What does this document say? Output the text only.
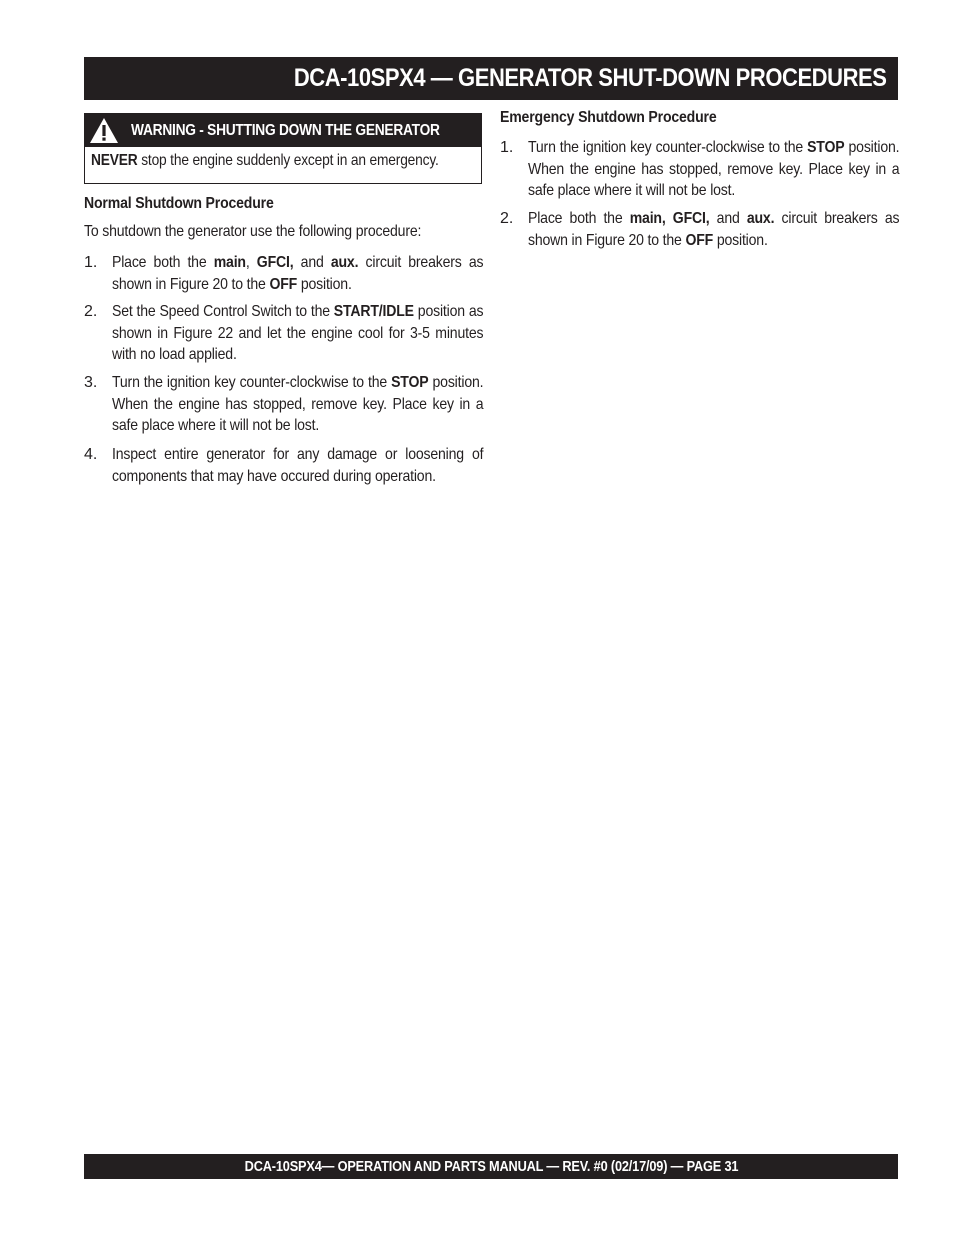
DCA-10SPX4 — GENERATOR SHUT-DOWN PROCEDURES
WARNING - SHUTTING DOWN THE GENERATOR
NEVER stop the engine suddenly except in an emergency.
Normal Shutdown Procedure
To shutdown the generator use the following procedure:
1. Place both the main, GFCI, and aux. circuit breakers as shown in Figure 20 to the OFF position.
2. Set the Speed Control Switch to the START/IDLE position as shown in Figure 22 and let the engine cool for 3-5 minutes with no load applied.
3. Turn the ignition key counter-clockwise to the STOP position. When the engine has stopped, remove key. Place key in a safe place where it will not be lost.
4. Inspect entire generator for any damage or loosening of components that may have occured during operation.
Emergency Shutdown Procedure
1. Turn the ignition key counter-clockwise to the STOP position. When the engine has stopped, remove key. Place key in a safe place where it will not be lost.
2. Place both the main, GFCI, and aux. circuit breakers as shown in Figure 20 to the OFF position.
DCA-10SPX4— OPERATION AND PARTS MANUAL — REV. #0 (02/17/09) — PAGE 31
